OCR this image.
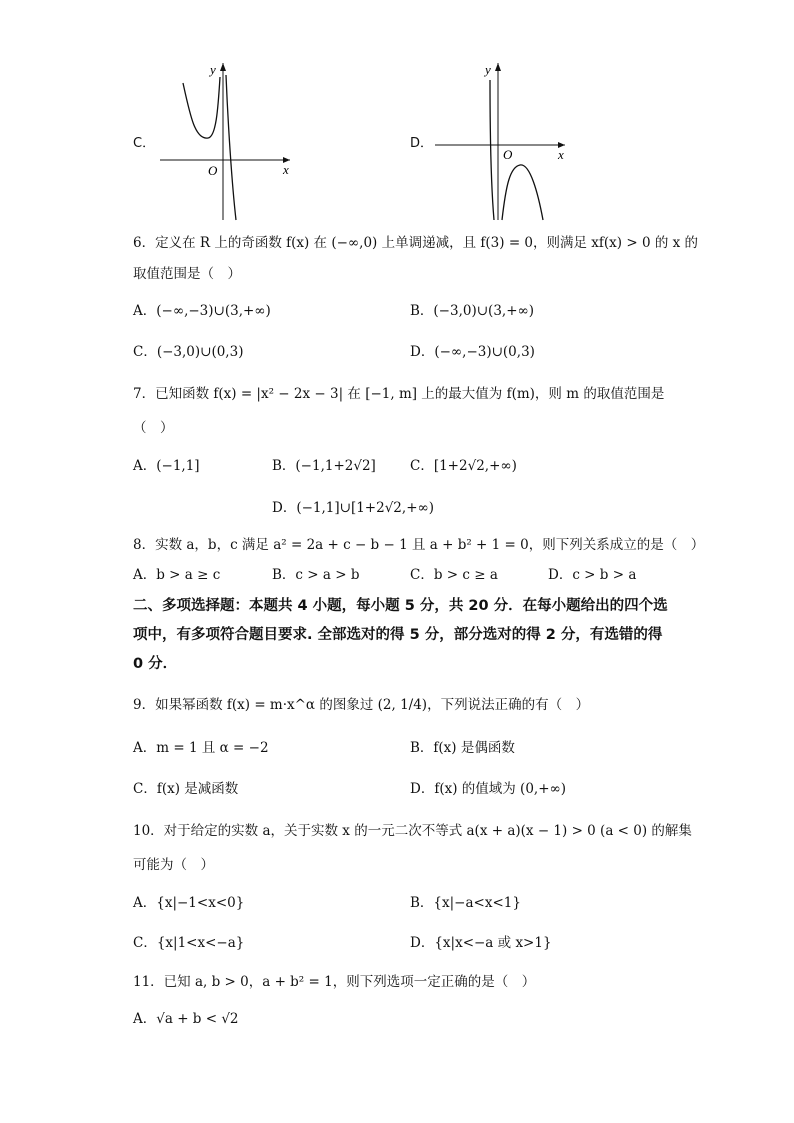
C．
y
x
O
D．
y
x
O
6．定义在 R 上的奇函数 f(x) 在 (−∞,0) 上单调递减，且 f(3) = 0，则满足 xf(x) > 0 的 x 的
取值范围是（　）
A．(−∞,−3)∪(3,+∞)	B．(−3,0)∪(3,+∞)
C．(−3,0)∪(0,3)	D．(−∞,−3)∪(0,3)
7．已知函数 f(x) = |x² − 2x − 3| 在 [−1, m] 上的最大值为 f(m)，则 m 的取值范围是
（　）
A．(−1,1]	B．(−1,1+2√2]	C．[1+2√2,+∞)
D．(−1,1]∪[1+2√2,+∞)
8．实数 a，b，c 满足 a² = 2a + c − b − 1 且 a + b² + 1 = 0，则下列关系成立的是（　）
A．b > a ≥ c	B．c > a > b	C．b > c ≥ a	D．c > b > a
二、多项选择题：本题共 4 小题，每小题 5 分，共 20 分．在每小题给出的四个选项中，有多项符合题目要求. 全部选对的得 5 分，部分选对的得 2 分，有选错的得 0 分．
9．如果幂函数 f(x) = m·x^α 的图象过 (2, 1/4)，下列说法正确的有（　）
A．m = 1 且 α = −2	B．f(x) 是偶函数
C．f(x) 是减函数	D．f(x) 的值域为 (0,+∞)
10．对于给定的实数 a，关于实数 x 的一元二次不等式 a(x + a)(x − 1) > 0 (a < 0) 的解集
可能为（　）
A．{x|−1<x<0}	B．{x|−a<x<1}
C．{x|1<x<−a}	D．{x|x<−a 或 x>1}
11．已知 a, b > 0，a + b² = 1，则下列选项一定正确的是（　）
A．√a + b < √2
